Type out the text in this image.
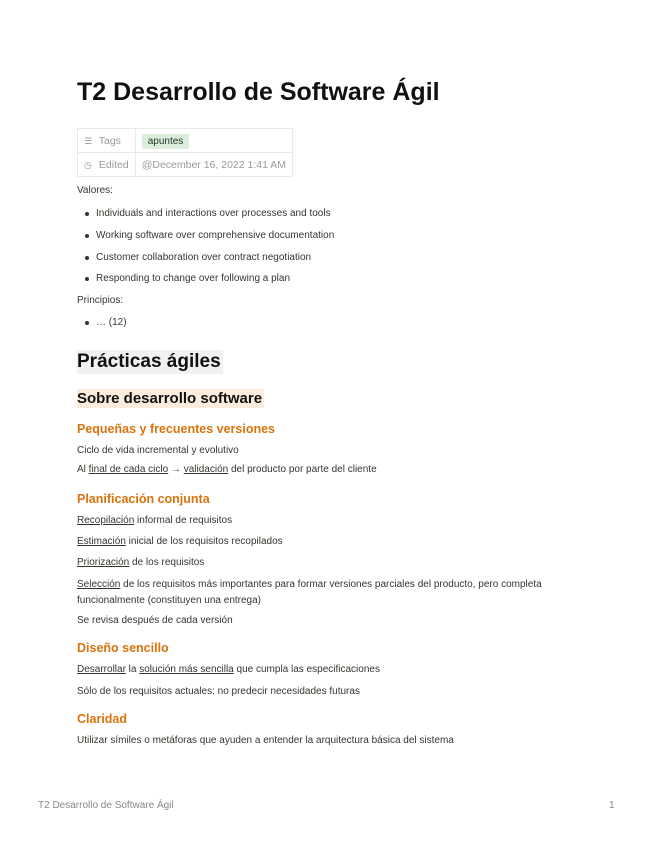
T2 Desarrollo de Software Ágil
☰ Tags	apuntes
◷ Edited	@December 16, 2022 1:41 AM
Valores:
Individuals and interactions over processes and tools
Working software over comprehensive documentation
Customer collaboration over contract negotiation
Responding to change over following a plan
Principios:
… (12)
Prácticas ágiles
Sobre desarrollo software
Pequeñas y frecuentes versiones
Ciclo de vida incremental y evolutivo
Al final de cada ciclo → validación del producto por parte del cliente
Planificación conjunta
Recopilación informal de requisitos
Estimación inicial de los requisitos recopilados
Priorización de los requisitos
Selección de los requisitos más importantes para formar versiones parciales del producto, pero completa funcionalmente (constituyen una entrega)
Se revisa después de cada versión
Diseño sencillo
Desarrollar la solución más sencilla que cumpla las especificaciones
Sólo de los requisitos actuales: no predecir necesidades futuras
Claridad
Utilizar símiles o metáforas que ayuden a entender la arquitectura básica del sistema
T2 Desarrollo de Software Ágil	1
